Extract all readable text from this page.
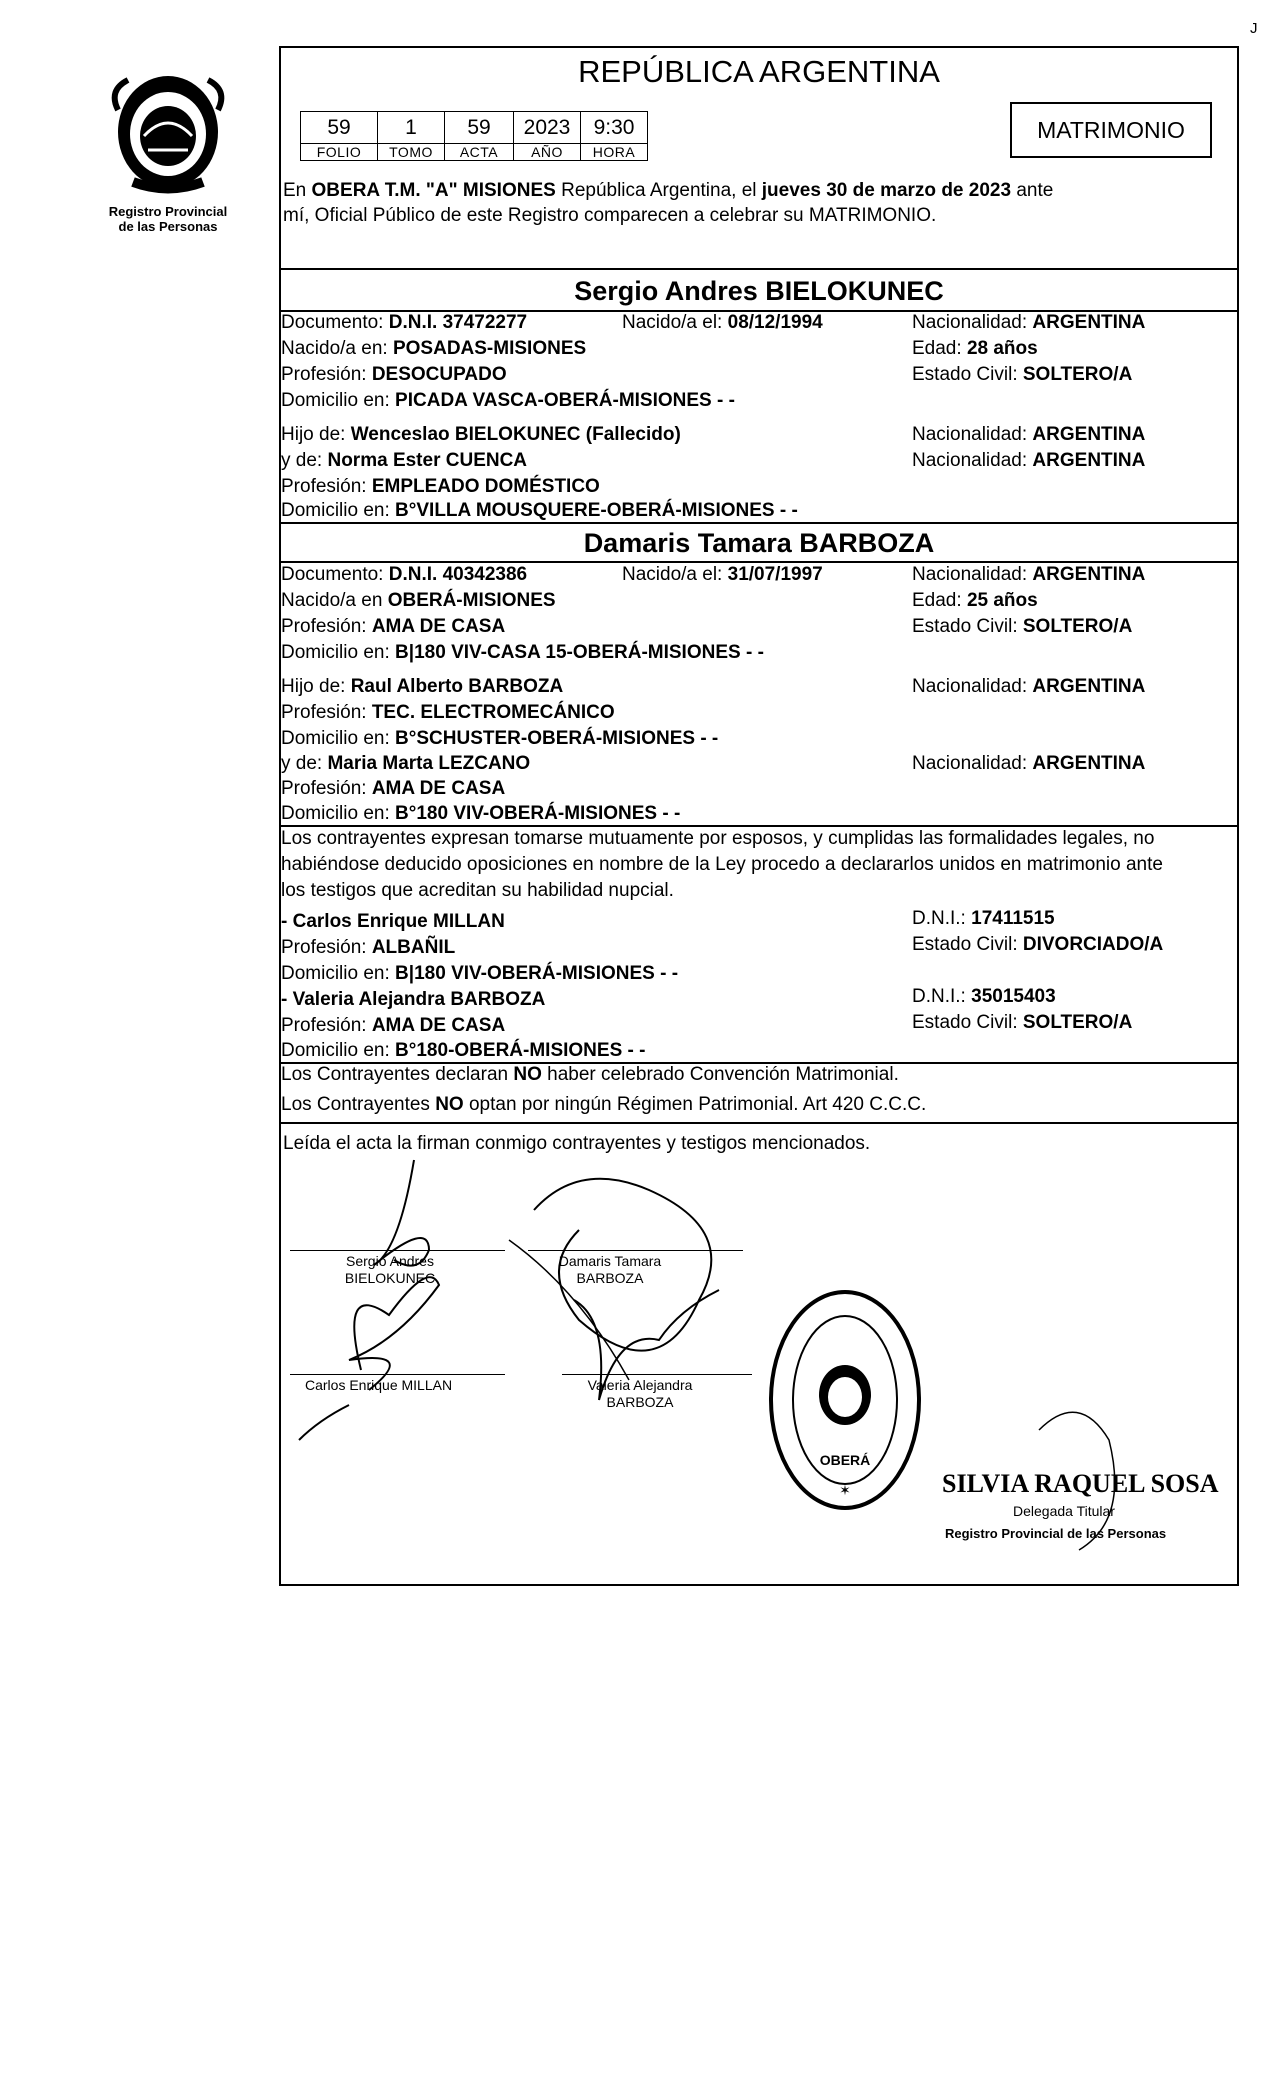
J
Registro Provincial
de las Personas
REPÚBLICA ARGENTINA
59	1	59	2023	9:30
FOLIO	TOMO	ACTA	AÑO	HORA
MATRIMONIO
En OBERA T.M. "A" MISIONES República Argentina, el jueves 30 de marzo de 2023 ante
mí, Oficial Público de este Registro comparecen a celebrar su MATRIMONIO.
Sergio Andres BIELOKUNEC
Documento: D.N.I. 37472277	Nacido/a el: 08/12/1994	Nacionalidad: ARGENTINA
Nacido/a en: POSADAS-MISIONES	Edad: 28 años
Profesión: DESOCUPADO	Estado Civil: SOLTERO/A
Domicilio en: PICADA VASCA-OBERÁ-MISIONES - -
Hijo de: Wenceslao BIELOKUNEC (Fallecido)	Nacionalidad: ARGENTINA
y de: Norma Ester CUENCA	Nacionalidad: ARGENTINA
Profesión: EMPLEADO DOMÉSTICO
Domicilio en: B°VILLA MOUSQUERE-OBERÁ-MISIONES - -
Damaris Tamara BARBOZA
Documento: D.N.I. 40342386	Nacido/a el: 31/07/1997	Nacionalidad: ARGENTINA
Nacido/a en OBERÁ-MISIONES	Edad: 25 años
Profesión: AMA DE CASA	Estado Civil: SOLTERO/A
Domicilio en: B|180 VIV-CASA 15-OBERÁ-MISIONES - -
Hijo de: Raul Alberto BARBOZA	Nacionalidad: ARGENTINA
Profesión: TEC. ELECTROMECÁNICO
Domicilio en: B°SCHUSTER-OBERÁ-MISIONES - -
y de: Maria Marta LEZCANO	Nacionalidad: ARGENTINA
Profesión: AMA DE CASA
Domicilio en: B°180 VIV-OBERÁ-MISIONES - -
Los contrayentes expresan tomarse mutuamente por esposos, y cumplidas las formalidades legales, no
habiéndose deducido oposiciones en nombre de la Ley procedo a declararlos unidos en matrimonio ante
los testigos que acreditan su habilidad nupcial.
- Carlos Enrique MILLAN	D.N.I.: 17411515
Profesión: ALBAÑIL	Estado Civil: DIVORCIADO/A
Domicilio en: B|180 VIV-OBERÁ-MISIONES - -
- Valeria Alejandra BARBOZA	D.N.I.: 35015403
Profesión: AMA DE CASA	Estado Civil: SOLTERO/A
Domicilio en: B°180-OBERÁ-MISIONES - -
Los Contrayentes declaran NO haber celebrado Convención Matrimonial.
Los Contrayentes NO optan por ningún Régimen Patrimonial. Art 420 C.C.C.
Leída el acta la firman conmigo contrayentes y testigos mencionados.
Sergio Andres
BIELOKUNEC
Damaris Tamara
BARBOZA
Carlos Enrique MILLAN	Valeria Alejandra
BARBOZA
OBERÁ
✶	SILVIA RAQUEL SOSA
Delegada Titular
Registro Provincial de las Personas
